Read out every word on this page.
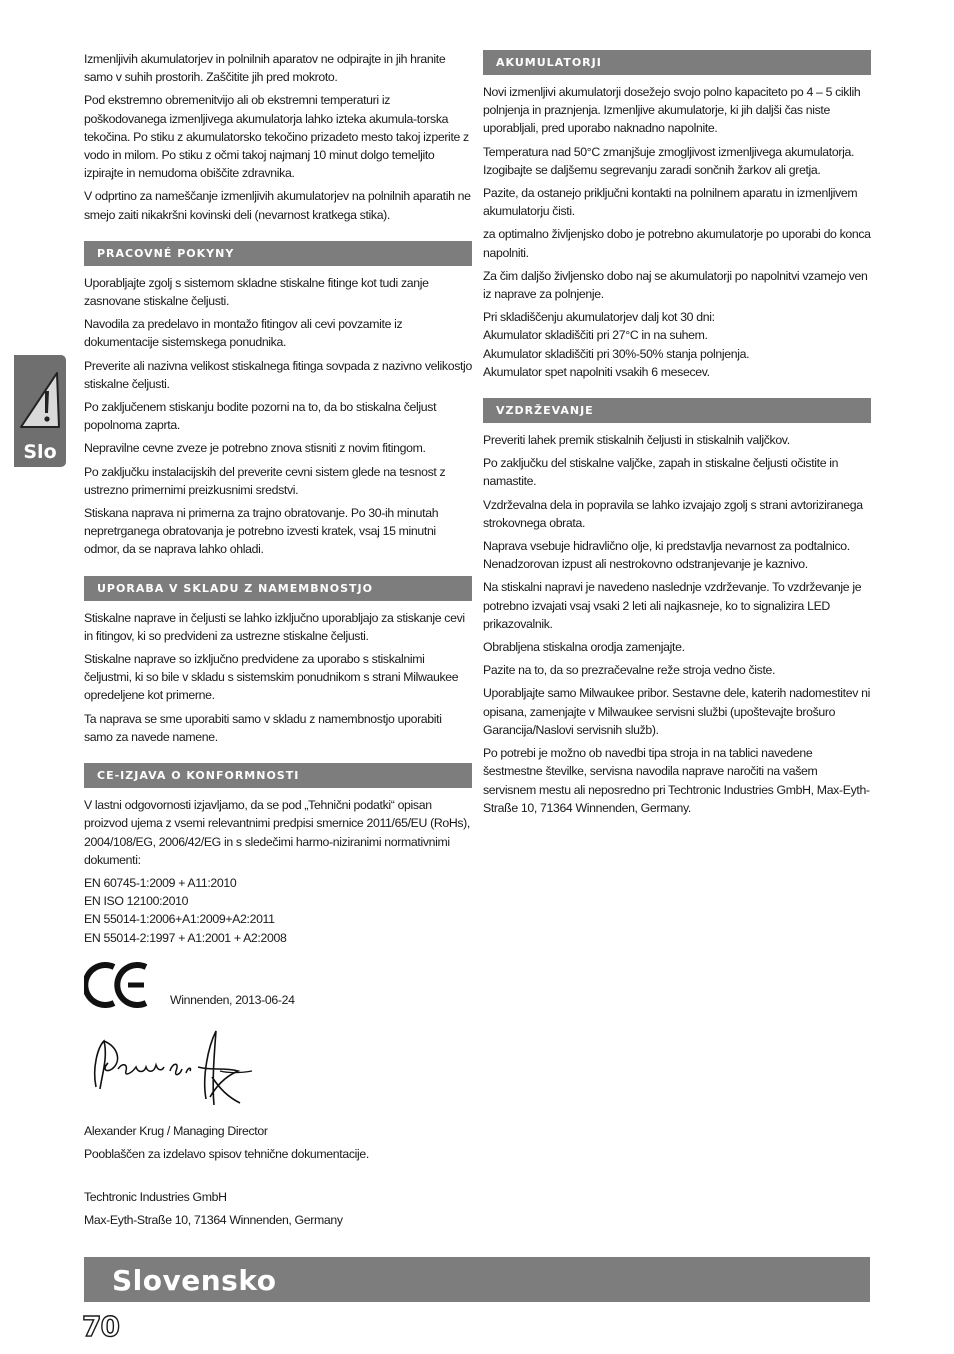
Izmenljivih akumulatorjev in polnilnih aparatov ne odpirajte in jih hranite samo v suhih prostorih. Zaščitite jih pred mokroto.

Pod ekstremno obremenitvijo ali ob ekstremni temperaturi iz poškodovanega izmenljivega akumulatorja lahko izteka akumula-torska tekočina. Po stiku z akumulatorsko tekočino prizadeto mesto takoj izperite z vodo in milom. Po stiku z očmi takoj najmanj 10 minut dolgo temeljito izpirajte in nemudoma obiščite zdravnika.

V odprtino za nameščanje izmenljivih akumulatorjev na polnilnih aparatih ne smejo zaiti nikakršni kovinski deli (nevarnost kratkega stika).

PRACOVNÉ POKYNY

Uporabljajte zgolj s sistemom skladne stiskalne fitinge kot tudi zanje zasnovane stiskalne čeljusti.

Navodila za predelavo in montažo fitingov ali cevi povzamite iz dokumentacije sistemskega ponudnika.

Preverite ali nazivna velikost stiskalnega fitinga sovpada z nazivno velikostjo stiskalne čeljusti.

Po zaključenem stiskanju bodite pozorni na to, da bo stiskalna čeljust popolnoma zaprta.

Nepravilne cevne zveze je potrebno znova stisniti z novim fitingom.

Po zaključku instalacijskih del preverite cevni sistem glede na tesnost z ustrezno primernimi preizkusnimi sredstvi.

Stiskana naprava ni primerna za trajno obratovanje. Po 30-ih minutah nepretrganega obratovanja je potrebno izvesti kratek, vsaj 15 minutni odmor, da se naprava lahko ohladi.

UPORABA V SKLADU Z NAMEMBNOSTJO

Stiskalne naprave in čeljusti se lahko izključno uporabljajo za stiskanje cevi in fitingov, ki so predvideni za ustrezne stiskalne čeljusti.

Stiskalne naprave so izključno predvidene za uporabo s stiskalnimi čeljustmi, ki so bile v skladu s sistemskim ponudnikom s strani Milwaukee opredeljene kot primerne.

Ta naprava se sme uporabiti samo v skladu z namembnostjo uporabiti samo za navede namene.

CE-IZJAVA O KONFORMNOSTI

V lastni odgovornosti izjavljamo, da se pod „Tehnični podatki“ opisan proizvod ujema z vsemi relevantnimi predpisi smernice 2011/65/EU (RoHs), 2004/108/EG, 2006/42/EG in s sledečimi harmo-niziranimi normativnimi dokumenti:

EN 60745-1:2009 + A11:2010

EN ISO 12100:2010

EN 55014-1:2006+A1:2009+A2:2011

EN 55014-2:1997 + A1:2001 + A2:2008

Winnenden, 2013-06-24

Alexander Krug / Managing Director

Pooblaščen za izdelavo spisov tehnične dokumentacije.

Techtronic Industries GmbH

Max-Eyth-Straße 10, 71364 Winnenden, Germany

AKUMULATORJI

Novi izmenljivi akumulatorji dosežejo svojo polno kapaciteto po 4 – 5 ciklih polnjenja in praznjenja. Izmenljive akumulatorje, ki jih daljši čas niste uporabljali, pred uporabo naknadno napolnite.

Temperatura nad 50°C zmanjšuje zmogljivost izmenljivega akumulatorja. Izogibajte se daljšemu segrevanju zaradi sončnih žarkov ali gretja.

Pazite, da ostanejo priključni kontakti na polnilnem aparatu in izmenljivem akumulatorju čisti.

za optimalno življenjsko dobo je potrebno akumulatorje po uporabi do konca napolniti.

Za čim daljšo življensko dobo naj se akumulatorji po napolnitvi vzamejo ven iz naprave za polnjenje.

Pri skladiščenju akumulatorjev dalj kot 30 dni:

Akumulator skladiščiti pri 27°C in na suhem.

Akumulator skladiščiti pri 30%-50% stanja polnjenja.

Akumulator spet napolniti vsakih 6 mesecev.

VZDRŽEVANJE

Preveriti lahek premik stiskalnih čeljusti in stiskalnih valjčkov.

Po zaključku del stiskalne valjčke, zapah in stiskalne čeljusti očistite in namastite.

Vzdrževalna dela in popravila se lahko izvajajo zgolj s strani avtoriziranega strokovnega obrata.

Naprava vsebuje hidravlično olje, ki predstavlja nevarnost za podtalnico. Nenadzorovan izpust ali nestrokovno odstranjevanje je kaznivo.

Na stiskalni napravi je navedeno naslednje vzdrževanje. To vzdrževanje je potrebno izvajati vsaj vsaki 2 leti ali najkasneje, ko to signalizira LED prikazovalnik.

Obrabljena stiskalna orodja zamenjajte.

Pazite na to, da so prezračevalne reže stroja vedno čiste.

Uporabljajte samo Milwaukee pribor. Sestavne dele, katerih nadomestitev ni opisana, zamenjajte v Milwaukee servisni službi (upoštevajte brošuro Garancija/Naslovi servisnih služb).

Po potrebi je možno ob navedbi tipa stroja in na tablici navedene šestmestne številke, servisna navodila naprave naročiti na vašem servisnem mestu ali neposredno pri Techtronic Industries GmbH, Max-Eyth-Straße 10, 71364 Winnenden, Germany.

Slo
Slovensko
70
